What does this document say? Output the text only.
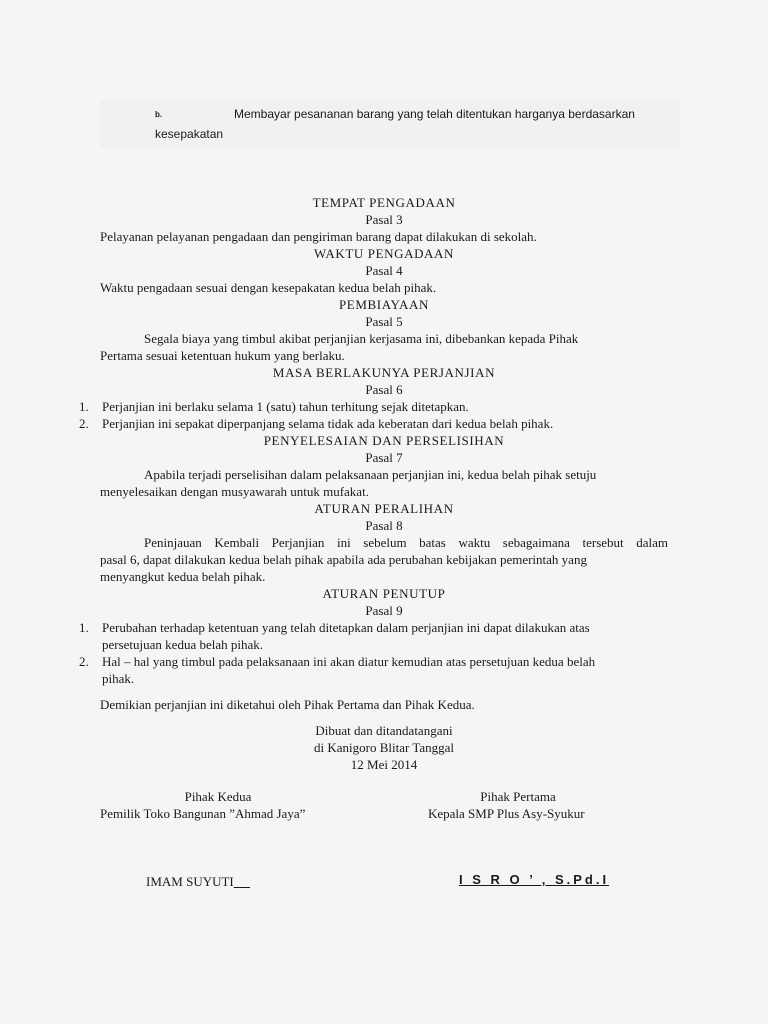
b.	Membayar pesananan barang yang telah ditentukan harganya berdasarkan
kesepakatan
TEMPAT PENGADAAN
Pasal 3
Pelayanan pelayanan pengadaan dan pengiriman barang dapat dilakukan di sekolah.
WAKTU PENGADAAN
Pasal 4
Waktu pengadaan sesuai dengan kesepakatan kedua belah pihak.
PEMBIAYAAN
Pasal 5
Segala biaya yang timbul akibat perjanjian kerjasama ini, dibebankan kepada Pihak
Pertama sesuai ketentuan hukum yang berlaku.
MASA BERLAKUNYA PERJANJIAN
Pasal 6
1. Perjanjian ini berlaku selama 1 (satu) tahun terhitung sejak ditetapkan.
2. Perjanjian ini sepakat diperpanjang selama tidak ada keberatan dari kedua belah pihak.
PENYELESAIAN DAN PERSELISIHAN
Pasal 7
Apabila terjadi perselisihan dalam pelaksanaan perjanjian ini, kedua belah pihak setuju
menyelesaikan dengan musyawarah untuk mufakat.
ATURAN PERALIHAN
Pasal 8
Peninjauan Kembali Perjanjian ini sebelum batas waktu sebagaimana tersebut dalam
pasal 6, dapat dilakukan kedua belah pihak apabila ada perubahan kebijakan pemerintah yang
menyangkut kedua belah pihak.
ATURAN PENUTUP
Pasal 9
1. Perubahan terhadap ketentuan yang telah ditetapkan dalam perjanjian ini dapat dilakukan atas
persetujuan kedua belah pihak.
2. Hal – hal yang timbul pada pelaksanaan ini akan diatur kemudian atas persetujuan kedua belah
pihak.
Demikian perjanjian ini diketahui oleh Pihak Pertama dan Pihak Kedua.
Dibuat dan ditandatangani
di Kanigoro Blitar Tanggal
12 Mei 2014
Pihak Kedua
Pemilik Toko Bangunan ”Ahmad Jaya”
Pihak Pertama
Kepala SMP Plus Asy-Syukur
IMAM SUYUTI	I S R O ’ , S.Pd.I
